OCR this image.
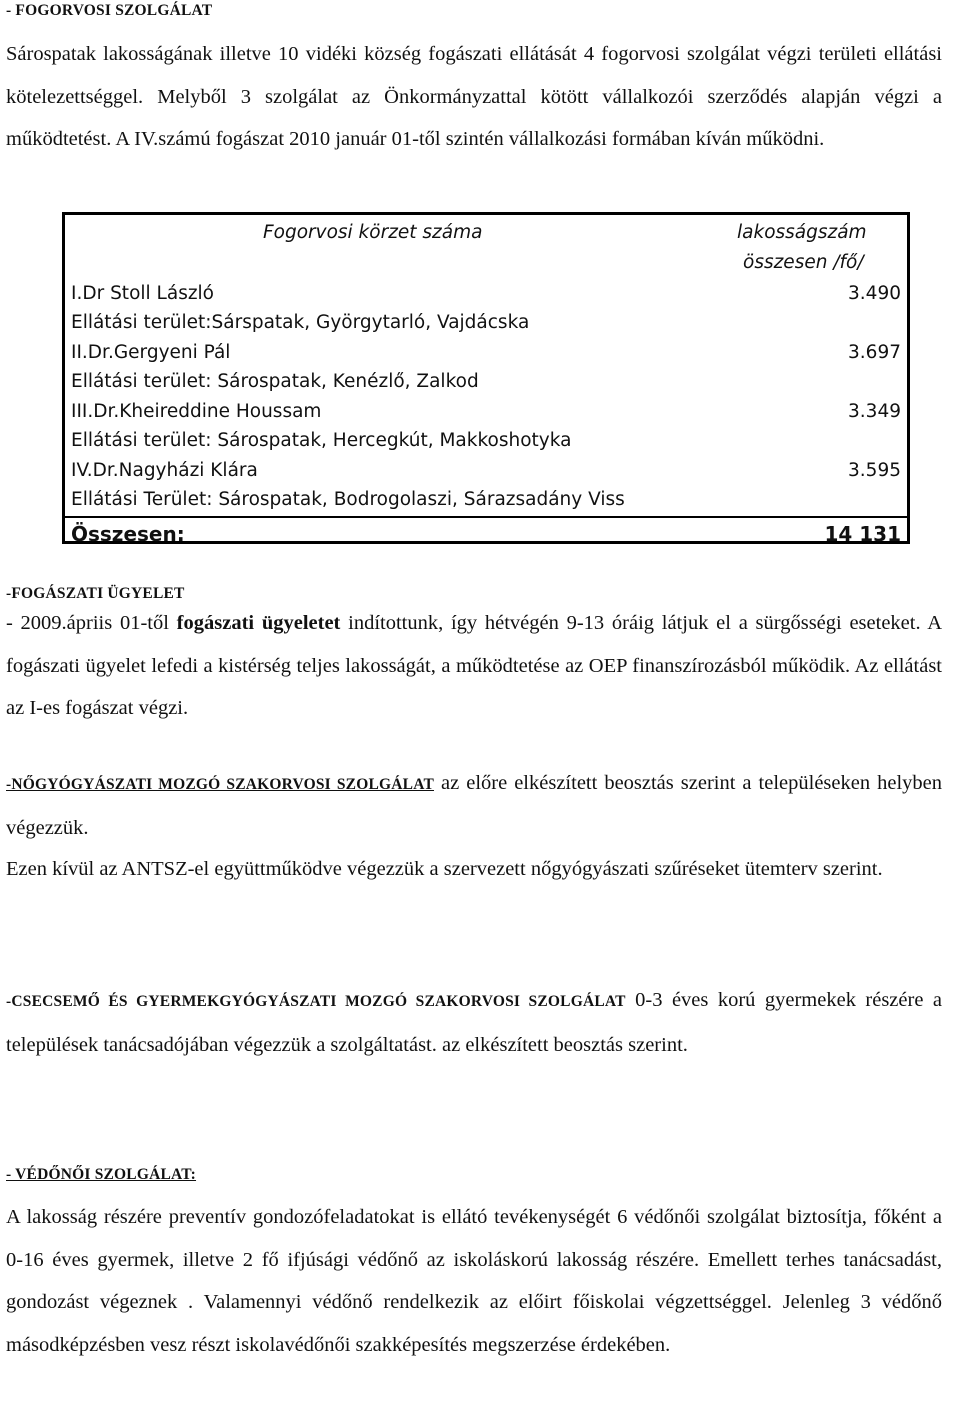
- FOGORVOSI SZOLGÁLAT

Sárospatak lakosságának illetve 10 vidéki község fogászati ellátását 4 fogorvosi szolgálat végzi területi ellátási kötelezettséggel. Melyből 3 szolgálat az Önkormányzattal kötött vállalkozói szerződés alapján végzi a működtetést. A IV.számú fogászat 2010 január 01-től szintén vállalkozási formában kíván működni.

Fogorvosi körzet száma	lakosságszám
összesen /fő/
I.Dr Stoll László	3.490
Ellátási terület:Sárspatak, Györgytarló, Vajdácska
II.Dr.Gergyeni Pál	3.697
Ellátási terület: Sárospatak, Kenézlő, Zalkod
III.Dr.Kheireddine Houssam	3.349
Ellátási terület: Sárospatak, Hercegkút, Makkoshotyka
IV.Dr.Nagyházi Klára	3.595
Ellátási Terület: Sárospatak, Bodrogolaszi, Sárazsadány Viss
Összesen:	14 131
-FOGÁSZATI ÜGYELET

- 2009.ápriis 01-től fogászati ügyeletet indítottunk, így hétvégén 9-13 óráig látjuk el a sürgősségi eseteket. A fogászati ügyelet lefedi a kistérség teljes lakosságát, a működtetése az OEP finanszírozásból működik. Az ellátást az I-es fogászat végzi.

-NŐGYÓGYÁSZATI MOZGÓ SZAKORVOSI SZOLGÁLAT az előre elkészített beosztás szerint a településeken helyben végezzük.

Ezen kívül az ANTSZ-el együttműködve végezzük a szervezett nőgyógyászati szűréseket ütemterv szerint.

-CSECSEMŐ ÉS GYERMEKGYÓGYÁSZATI MOZGÓ SZAKORVOSI SZOLGÁLAT 0-3 éves korú gyermekek részére a települések tanácsadójában végezzük a szolgáltatást. az elkészített beosztás szerint.

- VÉDŐNŐI SZOLGÁLAT:

A lakosság részére preventív gondozófeladatokat is ellátó tevékenységét 6 védőnői szolgálat biztosítja, főként a 0-16 éves gyermek, illetve 2 fő ifjúsági védőnő az iskoláskorú lakosság részére. Emellett terhes tanácsadást, gondozást végeznek . Valamennyi védőnő rendelkezik az előirt főiskolai végzettséggel. Jelenleg 3 védőnő másodképzésben vesz részt iskolavédőnői szakképesítés megszerzése érdekében.
